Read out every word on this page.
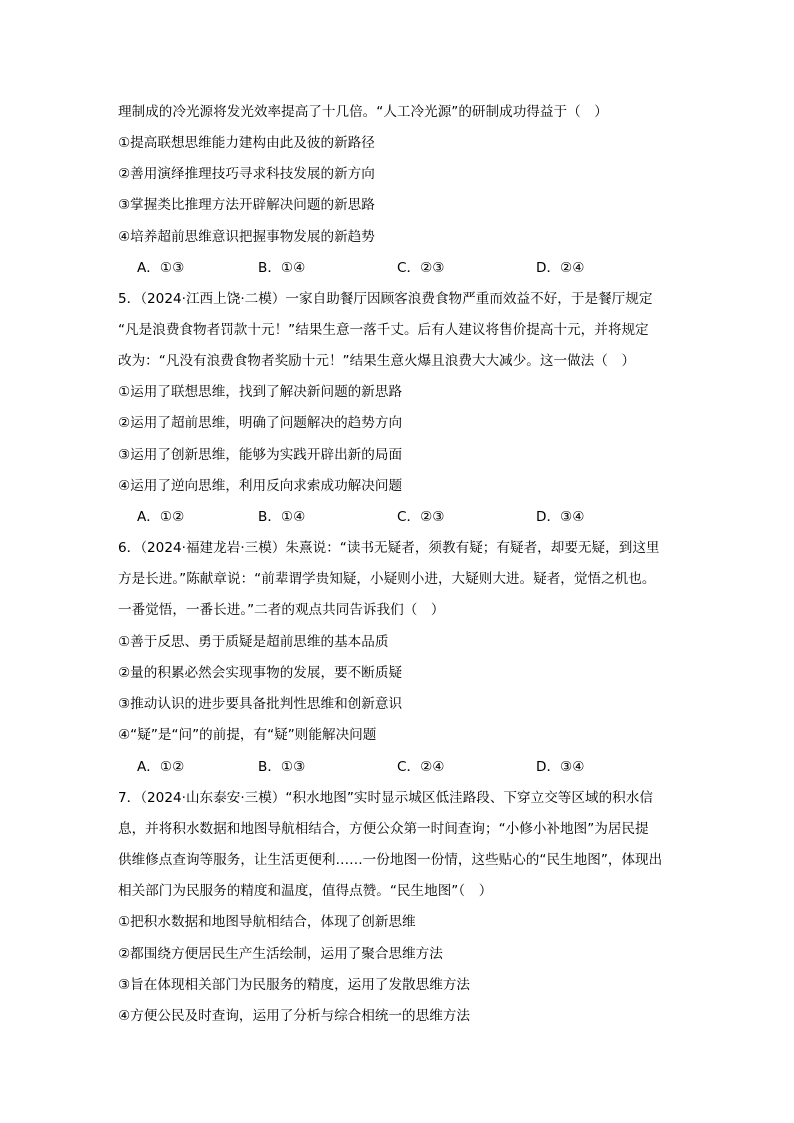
理制成的冷光源将发光效率提高了十几倍。“人工冷光源”的研制成功得益于（　）
①提高联想思维能力建构由此及彼的新路径
②善用演绎推理技巧寻求科技发展的新方向
③掌握类比推理方法开辟解决问题的新思路
④培养超前思维意识把握事物发展的新趋势
A．①③	B．①④	C．②③	D．②④
5．（2024·江西上饶·二模）一家自助餐厅因顾客浪费食物严重而效益不好，于是餐厅规定
“凡是浪费食物者罚款十元！”结果生意一落千丈。后有人建议将售价提高十元，并将规定
改为：“凡没有浪费食物者奖励十元！”结果生意火爆且浪费大大减少。这一做法（　）
①运用了联想思维，找到了解决新问题的新思路
②运用了超前思维，明确了问题解决的趋势方向
③运用了创新思维，能够为实践开辟出新的局面
④运用了逆向思维，利用反向求索成功解决问题
A．①②	B．①④	C．②③	D．③④
6．（2024·福建龙岩·三模）朱熹说：“读书无疑者，须教有疑；有疑者，却要无疑，到这里
方是长进。”陈献章说：“前辈谓学贵知疑，小疑则小进，大疑则大进。疑者，觉悟之机也。
一番觉悟，一番长进。”二者的观点共同告诉我们（　）
①善于反思、勇于质疑是超前思维的基本品质
②量的积累必然会实现事物的发展，要不断质疑
③推动认识的进步要具备批判性思维和创新意识
④“疑”是“问”的前提，有“疑”则能解决问题
A．①②	B．①③	C．②④	D．③④
7．（2024·山东泰安·三模）“积水地图”实时显示城区低洼路段、下穿立交等区域的积水信
息，并将积水数据和地图导航相结合，方便公众第一时间查询；“小修小补地图”为居民提
供维修点查询等服务，让生活更便利……一份地图一份情，这些贴心的“民生地图”，体现出
相关部门为民服务的精度和温度，值得点赞。“民生地图”（　）
①把积水数据和地图导航相结合，体现了创新思维
②都围绕方便居民生产生活绘制，运用了聚合思维方法
③旨在体现相关部门为民服务的精度，运用了发散思维方法
④方便公民及时查询，运用了分析与综合相统一的思维方法
